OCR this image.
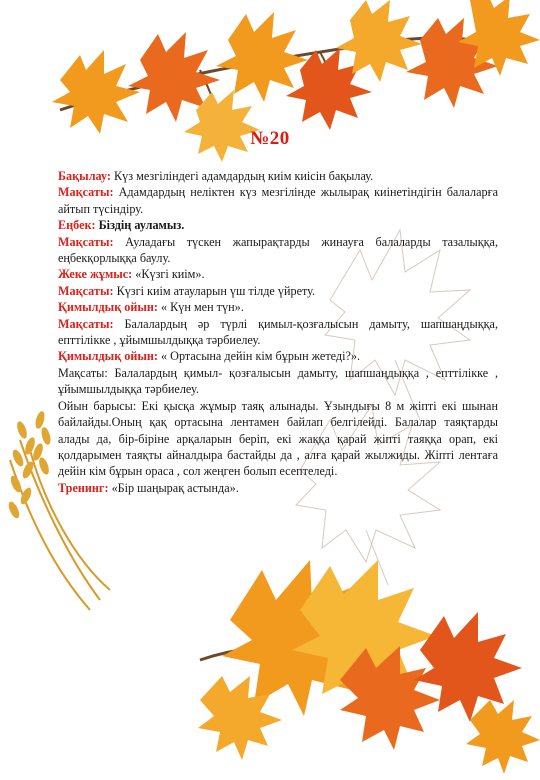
№20

Бақылау: Күз мезгіліндегі адамдардың киім киісін бақылау.

Мақсаты: Адамдардың неліктен күз мезгілінде жылырақ киінетіндігін балаларға айтып түсіндіру.

Еңбек: Біздің ауламыз.

Мақсаты: Ауладағы түскен жапырақтарды жинауға балаларды тазалыққа, еңбекқорлыққа баулу.

Жеке жұмыс: «Күзгі киім».

Мақсаты: Күзгі киім атауларын үш тілде үйрету.

Қимылдық ойын: « Күн мен түн».

Мақсаты: Балалардың әр түрлі қимыл-қозғалысын дамыту, шапшаңдыққа, епттілікке , ұйымшылдыққа тәрбиелеу.

Қимылдық ойын: « Ортасына дейін кім бұрын жетеді?».

Мақсаты: Балалардың қимыл- қозғалысын дамыту, шапшаңдыққа , епттілікке , ұйымшылдыққа тәрбиелеу.

Ойын барысы: Екі қысқа жұмыр таяқ алынады. Ұзындығы 8 м жіпті екі шынан байлайды.Оның қақ ортасына лентамен байлап белгілейді. Балалар таяқтарды алады да, бір-біріне арқаларын беріп, екі жаққа қарай жіпті таяққа орап, екі қолдарымен таяқты айналдыра бастайды да , алға қарай жылжиды. Жіпті лентаға дейін кім бұрын ораса , сол жеңген болып есептеледі.

Тренинг: «Бір шаңырақ астында».
